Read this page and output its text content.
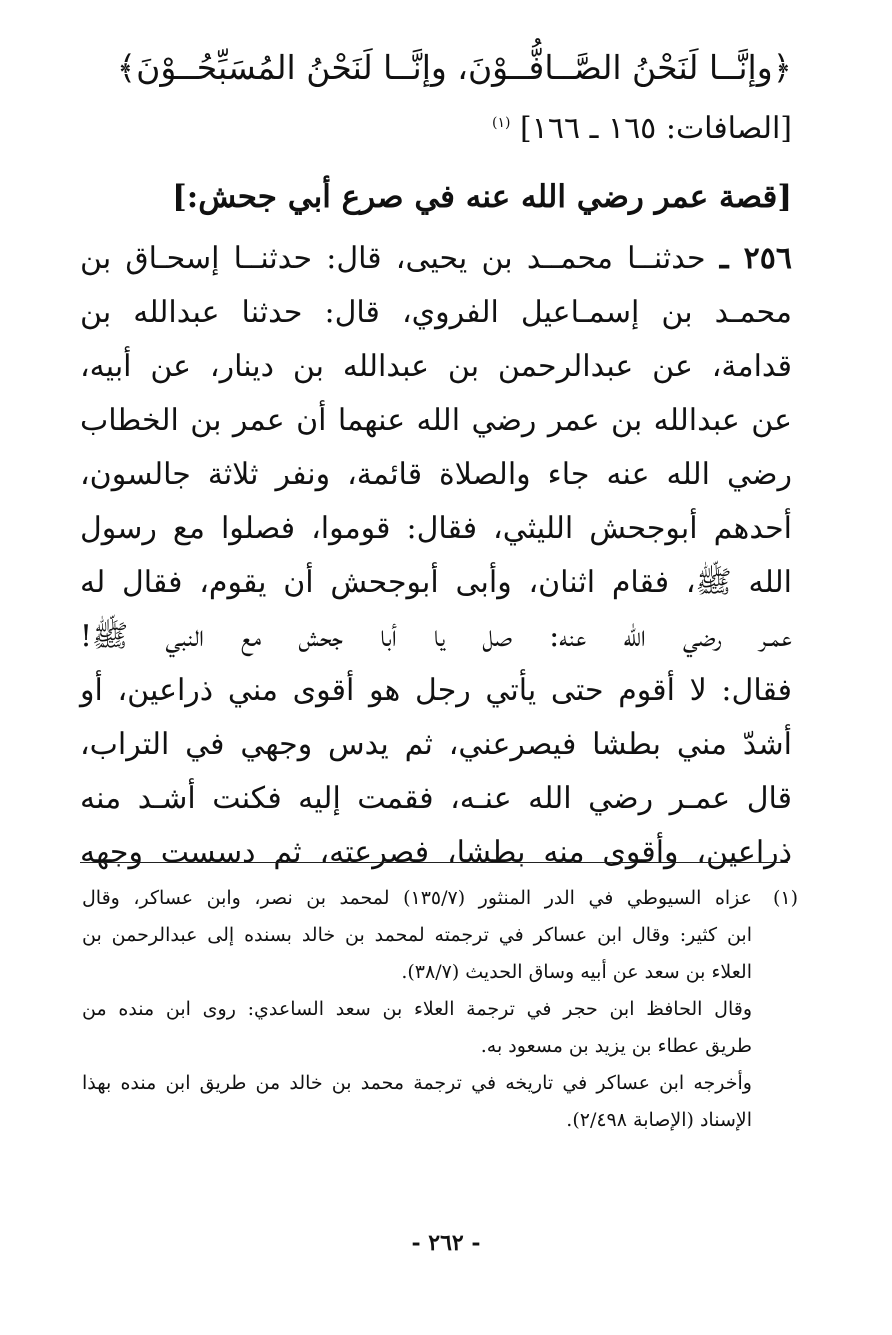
﴿وإنَّــا لَنَحْنُ الصَّــافُّــوْنَ، وإنَّــا لَنَحْنُ المُسَبِّحُــوْنَ﴾
[الصافات: ١٦٥ ـ ١٦٦] $^{(١)}$
[قصة عمر رضي الله عنه في صرع أبي جحش:]
٢٥٦ ـ حدثنــا محمــد بن يحيى، قال: حدثنــا إسحـاق بن
محمـد بن إسمـاعيل الفروي، قال: حدثنا عبدالله بن
قدامة، عن عبدالرحمن بن عبدالله بن دينار، عن أبيه،
عن عبدالله بن عمر رضي الله عنهما أن عمر بن الخطاب
رضي الله عنه جاء والصلاة قائمة، ونفر ثلاثة جالسون،
أحدهم أبوجحش الليثي، فقال: قوموا، فصلوا مع رسول
الله ﷺ، فقام اثنان، وأبى أبوجحش أن يقوم، فقال له
عمـر رضي الله عنه: صل يا أبا جحش مع النبي ﷺ!
فقال: لا أقوم حتى يأتي رجل هو أقوى مني ذراعين، أو
أشدّ مني بطشا فيصرعني، ثم يدس وجهي في التراب،
قال عمـر رضي الله عنـه، فقمت إليه فكنت أشـد منه
ذراعين، وأقوى منه بطشا، فصرعته، ثم دسست وجهه
(١)
عزاه السيوطي في الدر المنثور (١٣٥/٧) لمحمد بن نصر، وابن عساكر، وقال
ابن كثير: وقال ابن عساكر في ترجمته لمحمد بن خالد بسنده إلى عبدالرحمن بن
العلاء بن سعد عن أبيه وساق الحديث (٣٨/٧).
وقال الحافظ ابن حجر في ترجمة العلاء بن سعد الساعدي: روى ابن منده من
طريق عطاء بن يزيد بن مسعود به.
وأخرجه ابن عساكر في تاريخه في ترجمة محمد بن خالد من طريق ابن منده بهذا
الإسناد (الإصابة ٢/٤٩٨).
- ٢٦٢ -
